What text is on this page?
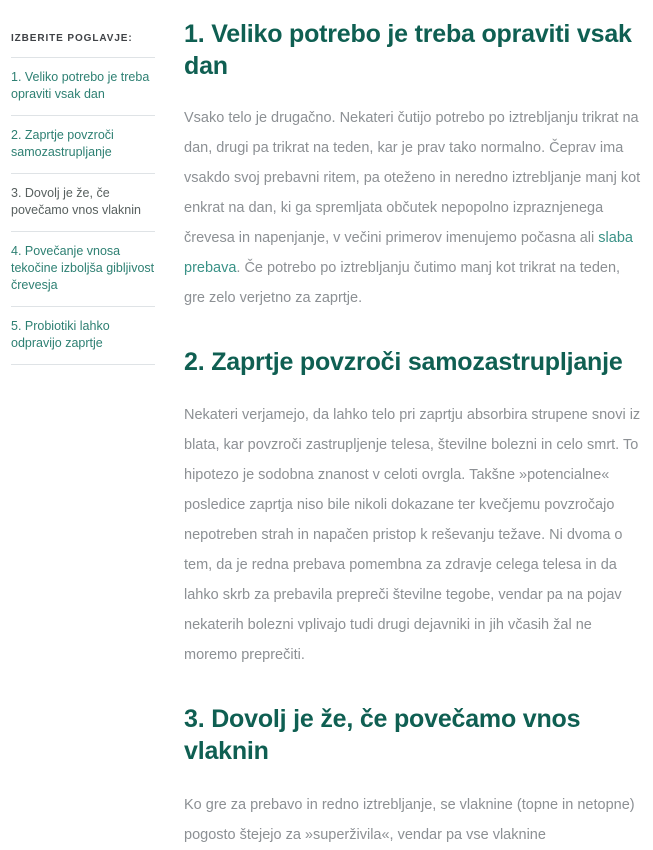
IZBERITE POGLAVJE:
1. Veliko potrebo je treba opraviti vsak dan
2. Zaprtje povzroči samozastrupljanje
3. Dovolj je že, če povečamo vnos vlaknin
4. Povečanje vnosa tekočine izboljša gibljivost črevesja
5. Probiotiki lahko odpravijo zaprtje
1. Veliko potrebo je treba opraviti vsak dan

Vsako telo je drugačno. Nekateri čutijo potrebo po iztrebljanju trikrat na dan, drugi pa trikrat na teden, kar je prav tako normalno. Čeprav ima vsakdo svoj prebavni ritem, pa oteženo in neredno iztrebljanje manj kot enkrat na dan, ki ga spremljata občutek nepopolno izpraznjenega črevesa in napenjanje, v večini primerov imenujemo počasna ali slaba prebava. Če potrebo po iztrebljanju čutimo manj kot trikrat na teden, gre zelo verjetno za zaprtje.

2. Zaprtje povzroči samozastrupljanje

Nekateri verjamejo, da lahko telo pri zaprtju absorbira strupene snovi iz blata, kar povzroči zastrupljenje telesa, številne bolezni in celo smrt. To hipotezo je sodobna znanost v celoti ovrgla. Takšne »potencialne« posledice zaprtja niso bile nikoli dokazane ter kvečjemu povzročajo nepotreben strah in napačen pristop k reševanju težave. Ni dvoma o tem, da je redna prebava pomembna za zdravje celega telesa in da lahko skrb za prebavila prepreči številne tegobe, vendar pa na pojav nekaterih bolezni vplivajo tudi drugi dejavniki in jih včasih žal ne moremo preprečiti.

3. Dovolj je že, če povečamo vnos vlaknin

Ko gre za prebavo in redno iztrebljanje, se vlaknine (topne in netopne) pogosto štejejo za »superživila«, vendar pa vse vlaknine
